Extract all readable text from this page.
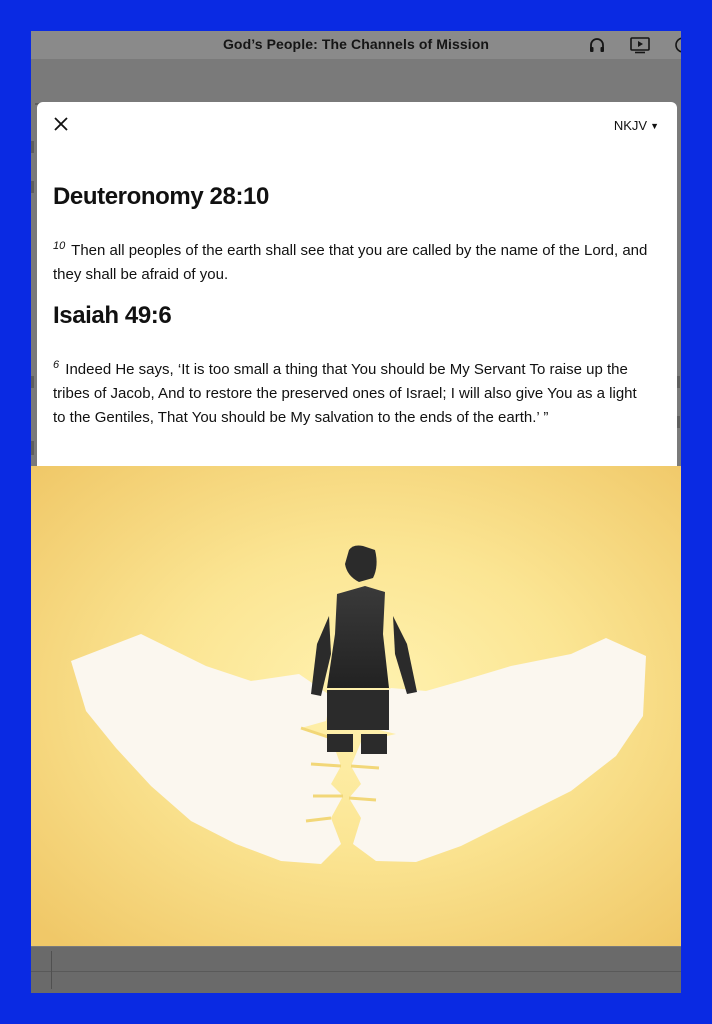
God’s People: The Channels of Mission
NKJV ▼
Deuteronomy 28:10

$^{10}$ Then all peoples of the earth shall see that you are called by the name of the Lord, and they shall be afraid of you.

Isaiah 49:6

$^6$ Indeed He says, ‘It is too small a thing that You should be My Servant To raise up the tribes of Jacob, And to restore the preserved ones of Israel; I will also give You as a light to the Gentiles, That You should be My salvation to the ends of the earth.’ ”
